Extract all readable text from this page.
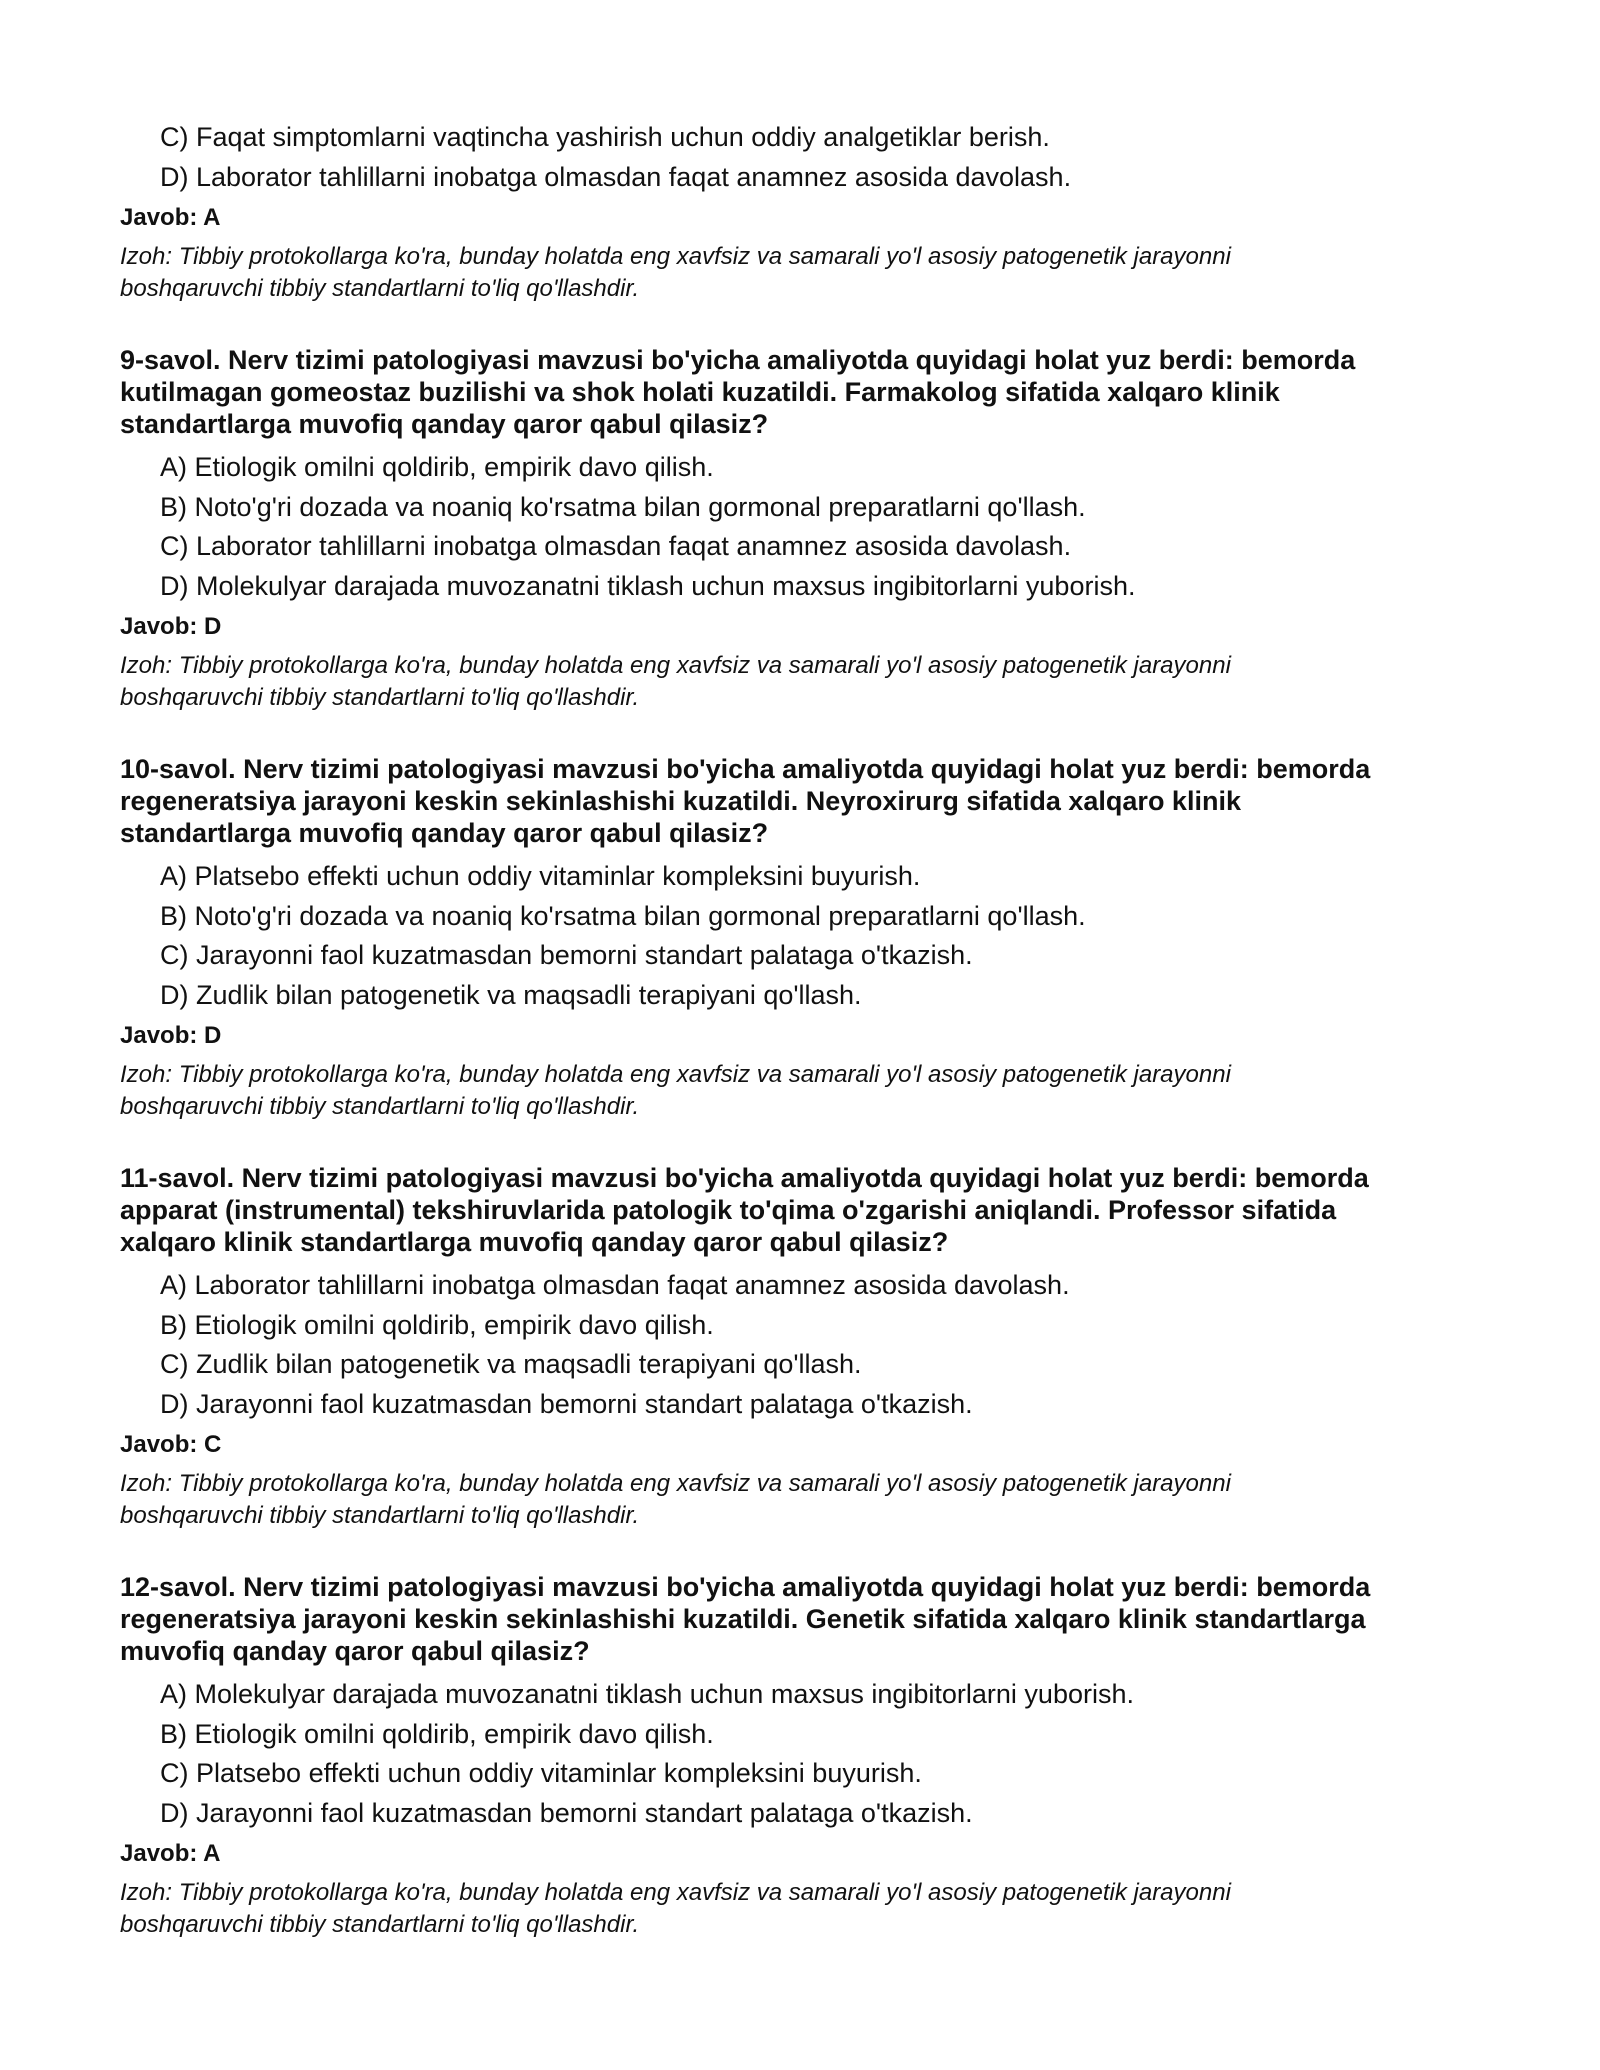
C) Faqat simptomlarni vaqtincha yashirish uchun oddiy analgetiklar berish.
D) Laborator tahlillarni inobatga olmasdan faqat anamnez asosida davolash.
Javob: A
Izoh: Tibbiy protokollarga ko'ra, bunday holatda eng xavfsiz va samarali yo'l asosiy patogenetik jarayonni
boshqaruvchi tibbiy standartlarni to'liq qo'llashdir.
9-savol. Nerv tizimi patologiyasi mavzusi bo'yicha amaliyotda quyidagi holat yuz berdi: bemorda
kutilmagan gomeostaz buzilishi va shok holati kuzatildi. Farmakolog sifatida xalqaro klinik
standartlarga muvofiq qanday qaror qabul qilasiz?
A) Etiologik omilni qoldirib, empirik davo qilish.
B) Noto'g'ri dozada va noaniq ko'rsatma bilan gormonal preparatlarni qo'llash.
C) Laborator tahlillarni inobatga olmasdan faqat anamnez asosida davolash.
D) Molekulyar darajada muvozanatni tiklash uchun maxsus ingibitorlarni yuborish.
Javob: D
Izoh: Tibbiy protokollarga ko'ra, bunday holatda eng xavfsiz va samarali yo'l asosiy patogenetik jarayonni
boshqaruvchi tibbiy standartlarni to'liq qo'llashdir.
10-savol. Nerv tizimi patologiyasi mavzusi bo'yicha amaliyotda quyidagi holat yuz berdi: bemorda
regeneratsiya jarayoni keskin sekinlashishi kuzatildi. Neyroxirurg sifatida xalqaro klinik
standartlarga muvofiq qanday qaror qabul qilasiz?
A) Platsebo effekti uchun oddiy vitaminlar kompleksini buyurish.
B) Noto'g'ri dozada va noaniq ko'rsatma bilan gormonal preparatlarni qo'llash.
C) Jarayonni faol kuzatmasdan bemorni standart palataga o'tkazish.
D) Zudlik bilan patogenetik va maqsadli terapiyani qo'llash.
Javob: D
Izoh: Tibbiy protokollarga ko'ra, bunday holatda eng xavfsiz va samarali yo'l asosiy patogenetik jarayonni
boshqaruvchi tibbiy standartlarni to'liq qo'llashdir.
11-savol. Nerv tizimi patologiyasi mavzusi bo'yicha amaliyotda quyidagi holat yuz berdi: bemorda
apparat (instrumental) tekshiruvlarida patologik to'qima o'zgarishi aniqlandi. Professor sifatida
xalqaro klinik standartlarga muvofiq qanday qaror qabul qilasiz?
A) Laborator tahlillarni inobatga olmasdan faqat anamnez asosida davolash.
B) Etiologik omilni qoldirib, empirik davo qilish.
C) Zudlik bilan patogenetik va maqsadli terapiyani qo'llash.
D) Jarayonni faol kuzatmasdan bemorni standart palataga o'tkazish.
Javob: C
Izoh: Tibbiy protokollarga ko'ra, bunday holatda eng xavfsiz va samarali yo'l asosiy patogenetik jarayonni
boshqaruvchi tibbiy standartlarni to'liq qo'llashdir.
12-savol. Nerv tizimi patologiyasi mavzusi bo'yicha amaliyotda quyidagi holat yuz berdi: bemorda
regeneratsiya jarayoni keskin sekinlashishi kuzatildi. Genetik sifatida xalqaro klinik standartlarga
muvofiq qanday qaror qabul qilasiz?
A) Molekulyar darajada muvozanatni tiklash uchun maxsus ingibitorlarni yuborish.
B) Etiologik omilni qoldirib, empirik davo qilish.
C) Platsebo effekti uchun oddiy vitaminlar kompleksini buyurish.
D) Jarayonni faol kuzatmasdan bemorni standart palataga o'tkazish.
Javob: A
Izoh: Tibbiy protokollarga ko'ra, bunday holatda eng xavfsiz va samarali yo'l asosiy patogenetik jarayonni
boshqaruvchi tibbiy standartlarni to'liq qo'llashdir.
